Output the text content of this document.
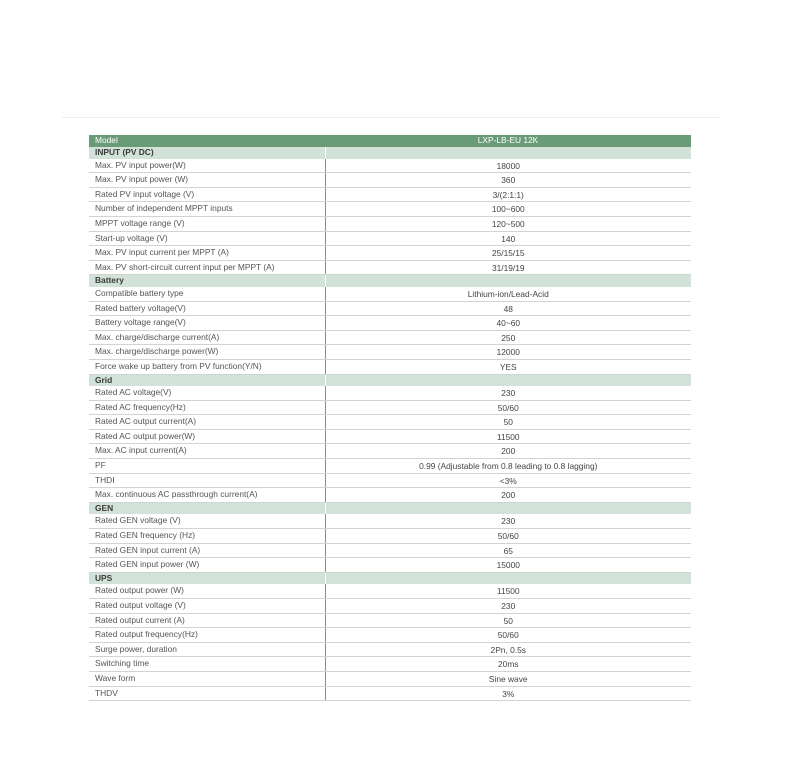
Model	LXP-LB-EU 12K
INPUT (PV DC)	
Max. PV input power(W)	18000
Max. PV input power (W)	360
Rated PV input voltage (V)	3/(2:1:1)
Number of independent MPPT inputs	100~600
MPPT voltage range (V)	120~500
Start-up voltage (V)	140
Max. PV input current per MPPT (A)	25/15/15
Max. PV short-circuit current input per MPPT (A)	31/19/19
Battery	
Compatible battery type	Lithium-ion/Lead-Acid
Rated battery voltage(V)	48
Battery voltage range(V)	40~60
Max. charge/discharge current(A)	250
Max. charge/discharge power(W)	12000
Force wake up battery from PV function(Y/N)	YES
Grid	
Rated AC voltage(V)	230
Rated AC frequency(Hz)	50/60
Rated AC output current(A)	50
Rated AC output power(W)	11500
Max. AC input current(A)	200
PF	0.99 (Adjustable from 0.8 leading to 0.8 lagging)
THDI	<3%
Max. continuous AC passthrough current(A)	200
GEN	
Rated GEN voltage (V)	230
Rated GEN frequency (Hz)	50/60
Rated GEN input current (A)	65
Rated GEN input power (W)	15000
UPS	
Rated output power (W)	11500
Rated output voltage (V)	230
Rated output current (A)	50
Rated output frequency(Hz)	50/60
Surge power, duration	2Pn, 0.5s
Switching time	20ms
Wave form	Sine wave
THDV	3%
